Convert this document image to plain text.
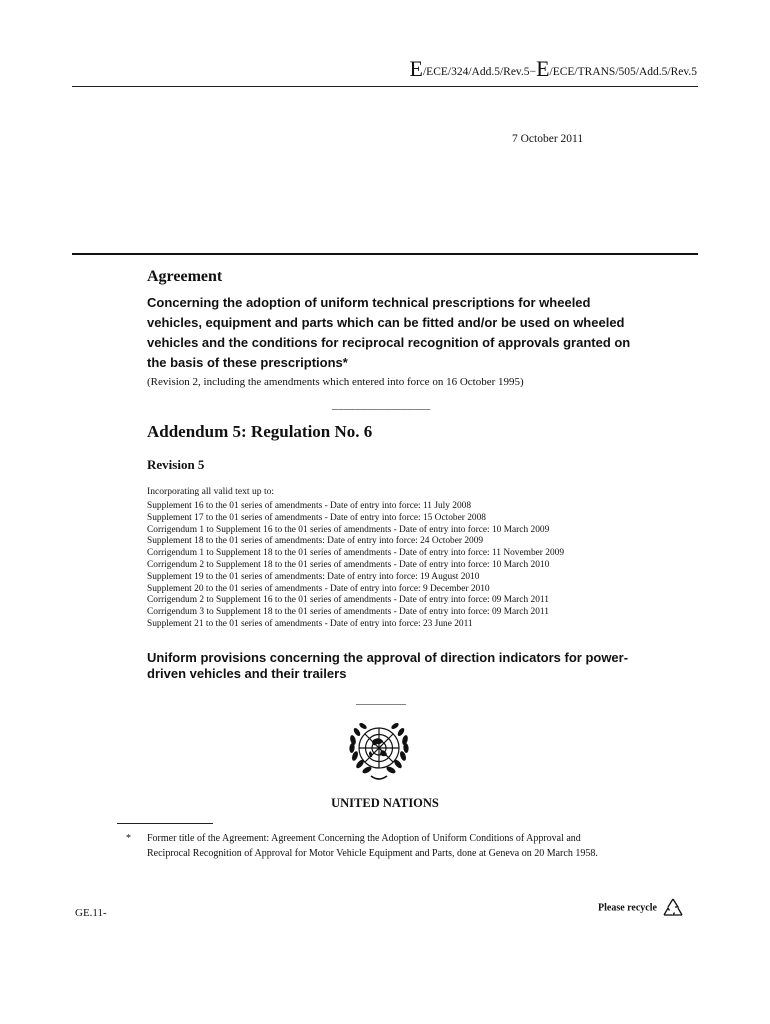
E/ECE/324/Add.5/Rev.5−E/ECE/TRANS/505/Add.5/Rev.5
7 October 2011
Agreement
Concerning the adoption of uniform technical prescriptions for wheeled vehicles, equipment and parts which can be fitted and/or be used on wheeled vehicles and the conditions for reciprocal recognition of approvals granted on the basis of these prescriptions*
(Revision 2, including the amendments which entered into force on 16 October 1995)
_________________
Addendum 5: Regulation No. 6
Revision 5
Incorporating all valid text up to:
Supplement 16 to the 01 series of amendments - Date of entry into force: 11 July 2008
Supplement 17 to the 01 series of amendments - Date of entry into force: 15 October 2008
Corrigendum 1 to Supplement 16 to the 01 series of amendments - Date of entry into force: 10 March 2009
Supplement 18 to the 01 series of amendments: Date of entry into force: 24 October 2009
Corrigendum 1 to Supplement 18 to the 01 series of amendments - Date of entry into force: 11 November 2009
Corrigendum 2 to Supplement 18 to the 01 series of amendments - Date of entry into force: 10 March 2010
Supplement 19 to the 01 series of amendments: Date of entry into force: 19 August 2010
Supplement 20 to the 01 series of amendments - Date of entry into force: 9 December 2010
Corrigendum 2 to Supplement 16 to the 01 series of amendments - Date of entry into force: 09 March 2011
Corrigendum 3 to Supplement 18 to the 01 series of amendments - Date of entry into force: 09 March 2011
Supplement 21 to the 01 series of amendments - Date of entry into force: 23 June 2011
Uniform provisions concerning the approval of direction indicators for power-driven vehicles and their trailers
__________
UNITED NATIONS
*	Former title of the Agreement: Agreement Concerning the Adoption of Uniform Conditions of Approval and Reciprocal Recognition of Approval for Motor Vehicle Equipment and Parts, done at Geneva on 20 March 1958.
GE.11-	Please recycle
